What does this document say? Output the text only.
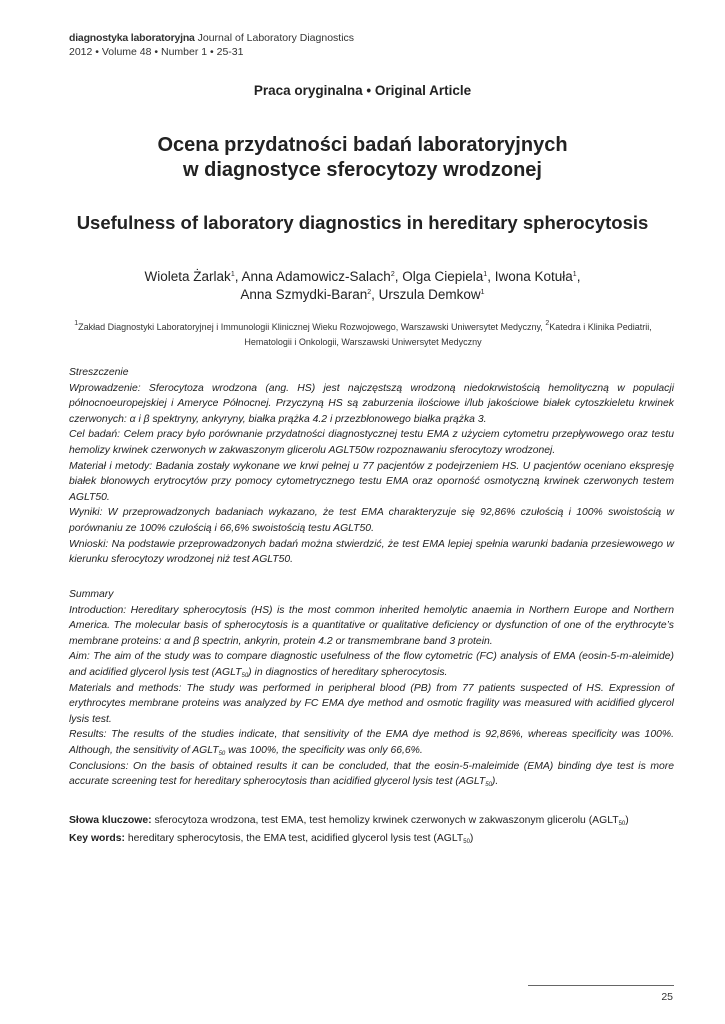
diagnostyka laboratoryjna Journal of Laboratory Diagnostics
2012 • Volume 48 • Number 1 • 25-31
Praca oryginalna • Original Article
Ocena przydatności badań laboratoryjnych
w diagnostyce sferocytozy wrodzonej
Usefulness of laboratory diagnostics in hereditary spherocytosis
Wioleta Żarlak$^1$, Anna Adamowicz-Salach$^2$, Olga Ciepiela$^1$, Iwona Kotuła$^1$,
Anna Szmydki-Baran$^2$, Urszula Demkow$^1$
$^1$Zakład Diagnostyki Laboratoryjnej i Immunologii Klinicznej Wieku Rozwojowego, Warszawski Uniwersytet Medyczny, $^2$Katedra i Klinika Pediatrii, Hematologii i Onkologii, Warszawski Uniwersytet Medyczny

Streszczenie

Wprowadzenie: Sferocytoza wrodzona (ang. HS) jest najczęstszą wrodzoną niedokrwistością hemolityczną w populacji północnoeuropejskiej i Ameryce Północnej. Przyczyną HS są zaburzenia ilościowe i/lub jakościowe białek cytoszkieletu krwinek czerwonych: α i β spektryny, ankyryny, białka prążka 4.2 i przezbłonowego białka prążka 3.

Cel badań: Celem pracy było porównanie przydatności diagnostycznej testu EMA z użyciem cytometru przepływowego oraz testu hemolizy krwinek czerwonych w zakwaszonym glicerolu AGLT50w rozpoznawaniu sferocytozy wrodzonej.

Materiał i metody: Badania zostały wykonane we krwi pełnej u 77 pacjentów z podejrzeniem HS. U pacjentów oceniano ekspresję białek błonowych erytrocytów przy pomocy cytometrycznego testu EMA oraz oporność osmotyczną krwinek czerwonych testem AGLT50.

Wyniki: W przeprowadzonych badaniach wykazano, że test EMA charakteryzuje się 92,86% czułością i 100% swoistością w porównaniu ze 100% czułością i 66,6% swoistością testu AGLT50.

Wnioski: Na podstawie przeprowadzonych badań można stwierdzić, że test EMA lepiej spełnia warunki badania przesiewowego w kierunku sferocytozy wrodzonej niż test AGLT50.

Summary

Introduction: Hereditary spherocytosis (HS) is the most common inherited hemolytic anaemia in Northern Europe and Northern America. The molecular basis of spherocytosis is a quantitative or qualitative deficiency or dysfunction of one of the erythrocyte’s membrane proteins: α and β spectrin, ankyrin, protein 4.2 or transmembrane band 3 protein.

Aim: The aim of the study was to compare diagnostic usefulness of the flow cytometric (FC) analysis of EMA (eosin-5-m-aleimide) and acidified glycerol lysis test $(AGLT_{50})$ in diagnostics of hereditary spherocytosis.

Materials and methods: The study was performed in peripheral blood (PB) from 77 patients suspected of HS. Expression of erythrocytes membrane proteins was analyzed by FC EMA dye method and osmotic fragility was measured with acidified glycerol lysis test.

Results: The results of the studies indicate, that sensitivity of the EMA dye method is 92,86%, whereas specificity was 100%. Although, the sensitivity of $AGLT_{50}$ was 100%, the specificity was only 66,6%.

Conclusions: On the basis of obtained results it can be concluded, that the eosin-5-maleimide (EMA) binding dye test is more accurate screening test for hereditary spherocytosis than acidified glycerol lysis test $(AGLT_{50})$.

Słowa kluczowe: sferocytoza wrodzona, test EMA, test hemolizy krwinek czerwonych w zakwaszonym glicerolu $(AGLT_{50})$

Key words: hereditary spherocytosis, the EMA test, acidified glycerol lysis test $(AGLT_{50})$

25
